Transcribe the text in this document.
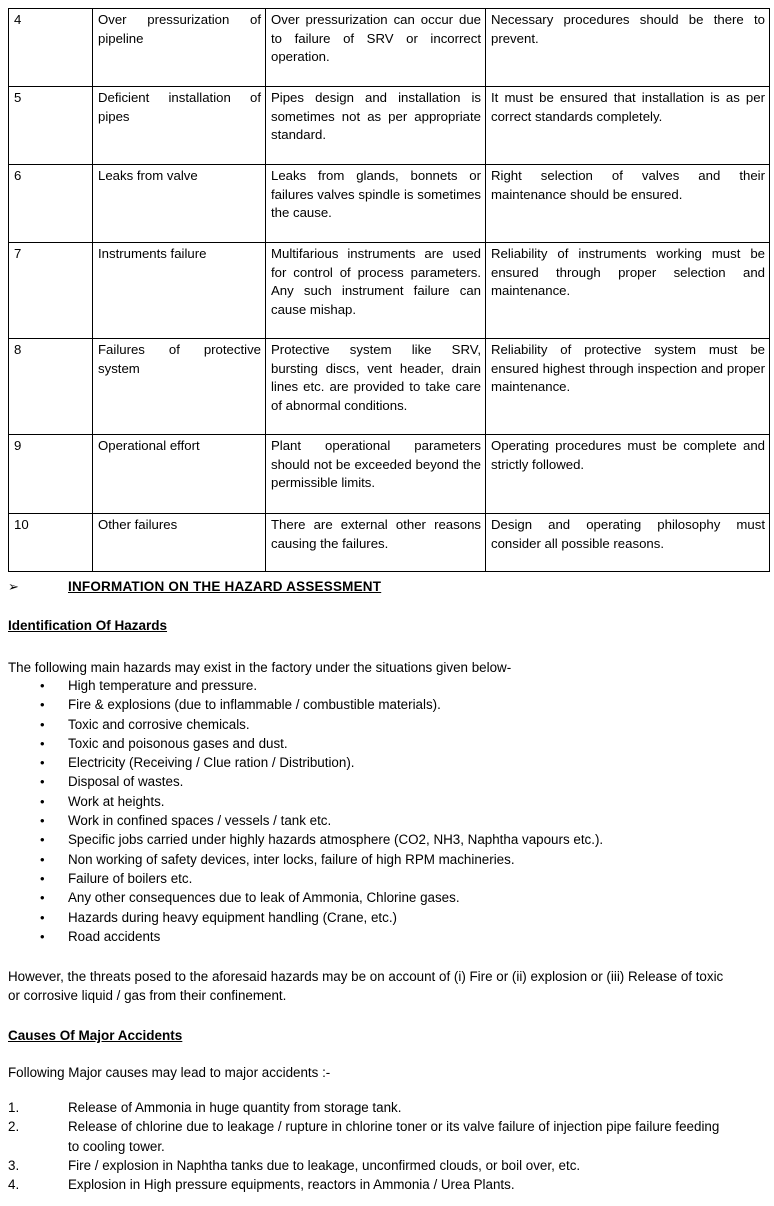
4	Over pressurization of pipeline	Over pressurization can occur due to failure of SRV or incorrect operation.	Necessary procedures should be there to prevent.
5	Deficient installation of pipes	Pipes design and installation is sometimes not as per appropriate standard.	It must be ensured that installation is as per correct standards completely.
6	Leaks from valve	Leaks from glands, bonnets or failures valves spindle is sometimes the cause.	Right selection of valves and their maintenance should be ensured.
7	Instruments failure	Multifarious instruments are used for control of process parameters. Any such instrument failure can cause mishap.	Reliability of instruments working must be ensured through proper selection and maintenance.
8	Failures of protective system	Protective system like SRV, bursting discs, vent header, drain lines etc. are provided to take care of abnormal conditions.	Reliability of protective system must be ensured highest through inspection and proper maintenance.
9	Operational effort	Plant operational parameters should not be exceeded beyond the permissible limits.	Operating procedures must be complete and strictly followed.
10	Other failures	There are external other reasons causing the failures.	Design and operating philosophy must consider all possible reasons.
➢	INFORMATION ON THE HAZARD ASSESSMENT
Identification Of Hazards
The following main hazards may exist in the factory under the situations given below-
• High temperature and pressure.
• Fire & explosions (due to inflammable / combustible materials).
• Toxic and corrosive chemicals.
• Toxic and poisonous gases and dust.
• Electricity (Receiving / Clue ration / Distribution).
• Disposal of wastes.
• Work at heights.
• Work in confined spaces / vessels / tank etc.
• Specific jobs carried under highly hazards atmosphere (CO2, NH3, Naphtha vapours etc.).
• Non working of safety devices, inter locks, failure of high RPM machineries.
• Failure of boilers etc.
• Any other consequences due to leak of Ammonia, Chlorine gases.
• Hazards during heavy equipment handling (Crane, etc.)
• Road accidents
However, the threats posed to the aforesaid hazards may be on account of (i) Fire or (ii) explosion or (iii) Release of toxic or corrosive liquid / gas from their confinement.
Causes Of Major Accidents
Following Major causes may lead to major accidents :-
1.	Release of Ammonia in huge quantity from storage tank.
2.	Release of chlorine due to leakage / rupture in chlorine toner or its valve failure of injection pipe failure feeding to cooling tower.
3.	Fire / explosion in Naphtha tanks due to leakage, unconfirmed clouds, or boil over, etc.
4.	Explosion in High pressure equipments, reactors in Ammonia / Urea Plants.
